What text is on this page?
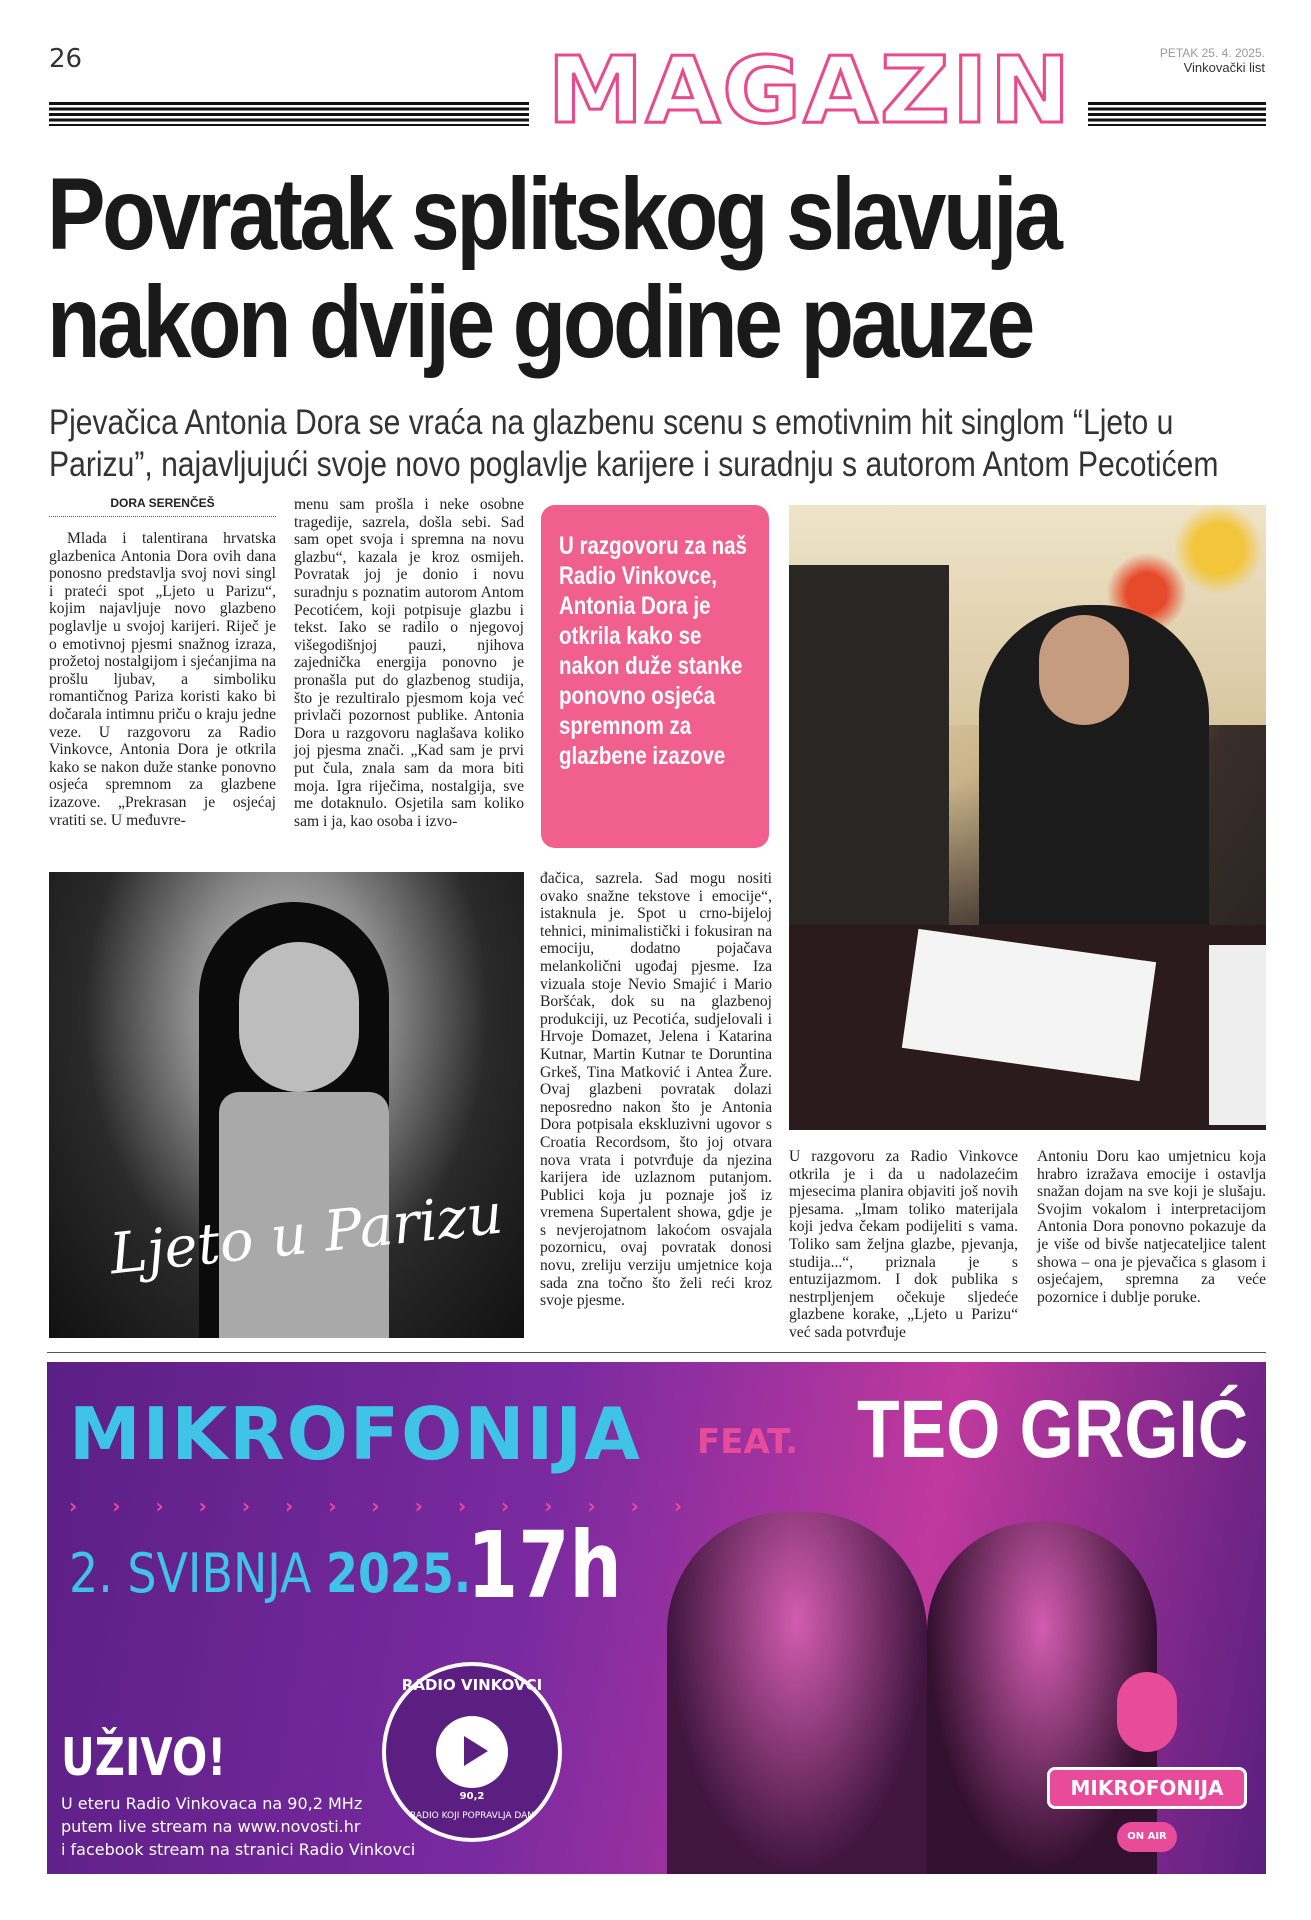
26	MAGAZIN	PETAK 25. 4. 2025.
Vinkovački list
Povratak splitskog slavuja nakon dvije godine pauze
Pjevačica Antonia Dora se vraća na glazbenu scenu s emotivnim hit singlom “Ljeto u Parizu”, najavljujući svoje novo poglavlje karijere i suradnju s autorom Antom Pecotićem
DORA SERENČEŠ

Mlada i talentirana hrvatska glazbenica Antonia Dora ovih dana ponosno predstavlja svoj novi singl i prateći spot „Ljeto u Parizu“, kojim najavljuje novo glazbeno poglavlje u svojoj karijeri. Riječ je o emotivnoj pjesmi snažnog izraza, prožetoj nostalgijom i sjećanjima na prošlu ljubav, a simboliku romantičnog Pariza koristi kako bi dočarala intimnu priču o kraju jedne veze. U razgovoru za Radio Vinkovce, Antonia Dora je otkrila kako se nakon duže stanke ponovno osjeća spremnom za glazbene izazove. „Prekrasan je osjećaj vratiti se. U međuvre-

menu sam prošla i neke osobne tragedije, sazrela, došla sebi. Sad sam opet svoja i spremna na novu glazbu“, kazala je kroz osmijeh. Povratak joj je donio i novu suradnju s poznatim autorom Antom Pecotićem, koji potpisuje glazbu i tekst. Iako se radilo o njegovoj višegodišnjoj pauzi, njihova zajednička energija ponovno je pronašla put do glazbenog studija, što je rezultiralo pjesmom koja već privlači pozornost publike. Antonia Dora u razgovoru naglašava koliko joj pjesma znači. „Kad sam je prvi put čula, znala sam da mora biti moja. Igra riječima, nostalgija, sve me dotaknulo. Osjetila sam koliko sam i ja, kao osoba i izvo-

U razgovoru za naš Radio Vinkovce, Antonia Dora je otkrila kako se nakon duže stanke ponovno osjeća spremnom za glazbene izazove
Ljeto u Parizu

đačica, sazrela. Sad mogu nositi ovako snažne tekstove i emocije“, istaknula je. Spot u crno-bijeloj tehnici, minimalistički i fokusiran na emociju, dodatno pojačava melankolični ugođaj pjesme. Iza vizuala stoje Nevio Smajić i Mario Boršćak, dok su na glazbenoj produkciji, uz Pecotića, sudjelovali i Hrvoje Domazet, Jelena i Katarina Kutnar, Martin Kutnar te Doruntina Grkeš, Tina Matković i Antea Žure. Ovaj glazbeni povratak dolazi neposredno nakon što je Antonia Dora potpisala ekskluzivni ugovor s Croatia Recordsom, što joj otvara nova vrata i potvrđuje da njezina karijera ide uzlaznom putanjom. Publici koja ju poznaje još iz vremena Supertalent showa, gdje je s nevjerojatnom lakoćom osvajala pozornicu, ovaj povratak donosi novu, zreliju verziju umjetnice koja sada zna točno što želi reći kroz svoje pjesme.

U razgovoru za Radio Vinkovce otkrila je i da u nadolazećim mjesecima planira objaviti još novih pjesama. „Imam toliko materijala koji jedva čekam podijeliti s vama. Toliko sam željna glazbe, pjevanja, studija...“, priznala je s entuzijazmom. I dok publika s nestrpljenjem očekuje sljedeće glazbene korake, „Ljeto u Parizu“ već sada potvrđuje

Antoniu Doru kao umjetnicu koja hrabro izražava emocije i ostavlja snažan dojam na sve koji je slušaju. Svojim vokalom i interpretacijom Antonia Dora ponovno pokazuje da je više od bivše natjecateljice talent showa – ona je pjevačica s glasom i osjećajem, spremna za veće pozornice i dublje poruke.

MIKROFONIJA FEAT. TEO GRGIĆ
› › › › › › › › › › › › › › ›
2. SVIBNJA 2025.
17h
UŽIVO!
U eteru Radio Vinkovaca na 90,2 MHz
putem live stream na www.novosti.hr
i facebook stream na stranici Radio Vinkovci
RADIO VINKOVCI
90,2
RADIO KOJI POPRAVLJA DAN
MIKROFONIJA
ON AIR
